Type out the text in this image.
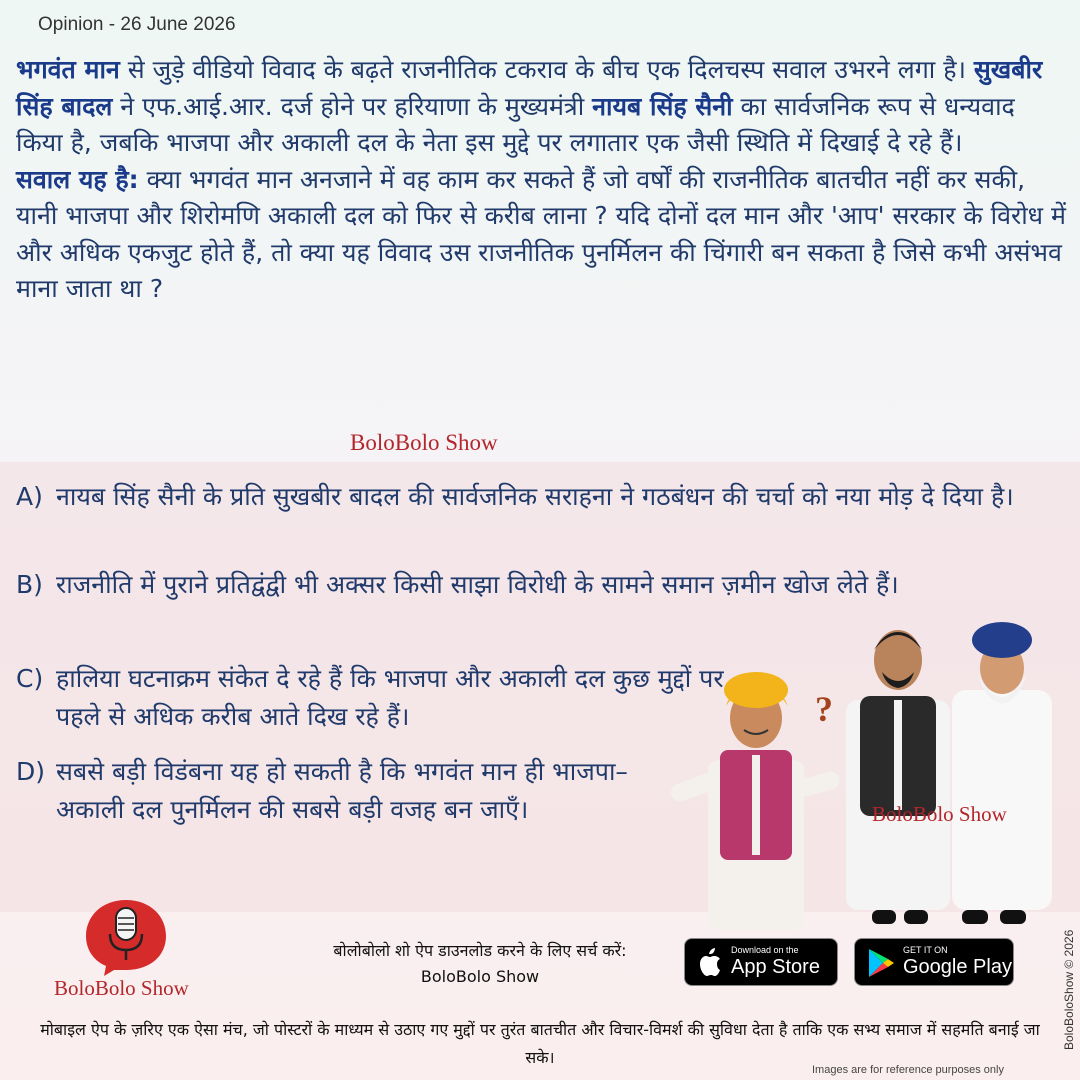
Opinion - 26 June 2026
भगवंत मान से जुड़े वीडियो विवाद के बढ़ते राजनीतिक टकराव के बीच एक दिलचस्प सवाल उभरने लगा है। सुखबीर सिंह बादल ने एफ.आई.आर. दर्ज होने पर हरियाणा के मुख्यमंत्री नायब सिंह सैनी का सार्वजनिक रूप से धन्यवाद किया है, जबकि भाजपा और अकाली दल के नेता इस मुद्दे पर लगातार एक जैसी स्थिति में दिखाई दे रहे हैं।
सवाल यह है: क्या भगवंत मान अनजाने में वह काम कर सकते हैं जो वर्षों की राजनीतिक बातचीत नहीं कर सकी, यानी भाजपा और शिरोमणि अकाली दल को फिर से करीब लाना ? यदि दोनों दल मान और 'आप' सरकार के विरोध में और अधिक एकजुट होते हैं, तो क्या यह विवाद उस राजनीतिक पुनर्मिलन की चिंगारी बन सकता है जिसे कभी असंभव माना जाता था ?
BoloBolo Show
A) नायब सिंह सैनी के प्रति सुखबीर बादल की सार्वजनिक सराहना ने गठबंधन की चर्चा को नया मोड़ दे दिया है।
B) राजनीति में पुराने प्रतिद्वंद्वी भी अक्सर किसी साझा विरोधी के सामने समान ज़मीन खोज लेते हैं।
C) हालिया घटनाक्रम संकेत दे रहे हैं कि भाजपा और अकाली दल कुछ मुद्दों पर पहले से अधिक करीब आते दिख रहे हैं।
D) सबसे बड़ी विडंबना यह हो सकती है कि भगवंत मान ही भाजपा–अकाली दल पुनर्मिलन की सबसे बड़ी वजह बन जाएँ।
?
BoloBolo Show
BoloBolo Show
बोलोबोलो शो ऐप डाउनलोड करने के लिए सर्च करें:
BoloBolo Show
Download on the
App Store
GET IT ON
Google Play
मोबाइल ऐप के ज़रिए एक ऐसा मंच, जो पोस्टरों के माध्यम से उठाए गए मुद्दों पर तुरंत बातचीत और विचार-विमर्श की सुविधा देता है ताकि एक सभ्य समाज में सहमति बनाई जा सके।
Images are for reference purposes only
BoloBoloShow © 2026
